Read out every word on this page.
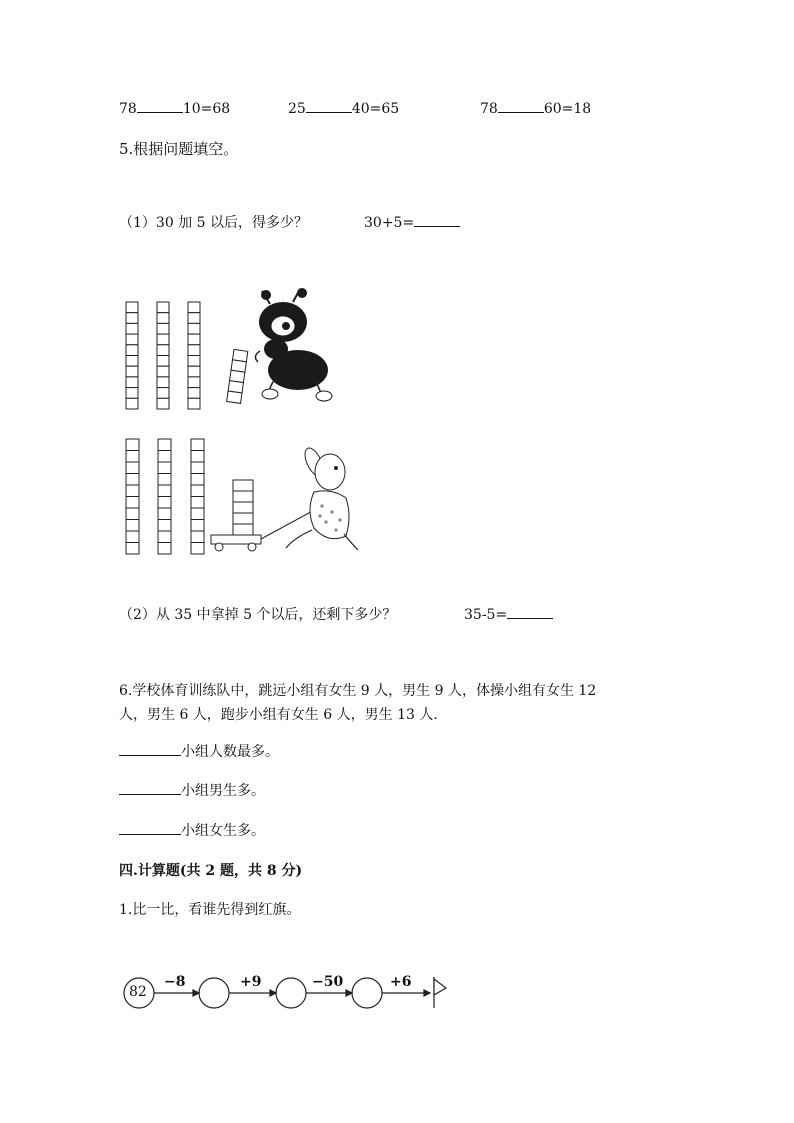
78	10=68	25	40=65	78	60=18
5.根据问题填空。
（1）30 加 5 以后，得多少？	30+5=
82
−8	+9	−50	+6
（2）从 35 中拿掉 5 个以后，还剩下多少？	35-5=
6.学校体育训练队中，跳远小组有女生 9 人，男生 9 人，体操小组有女生 12
人，男生 6 人，跑步小组有女生 6 人，男生 13 人.
小组人数最多。
小组男生多。
小组女生多。
四.计算题(共 2 题，共 8 分)
1.比一比，看谁先得到红旗。
